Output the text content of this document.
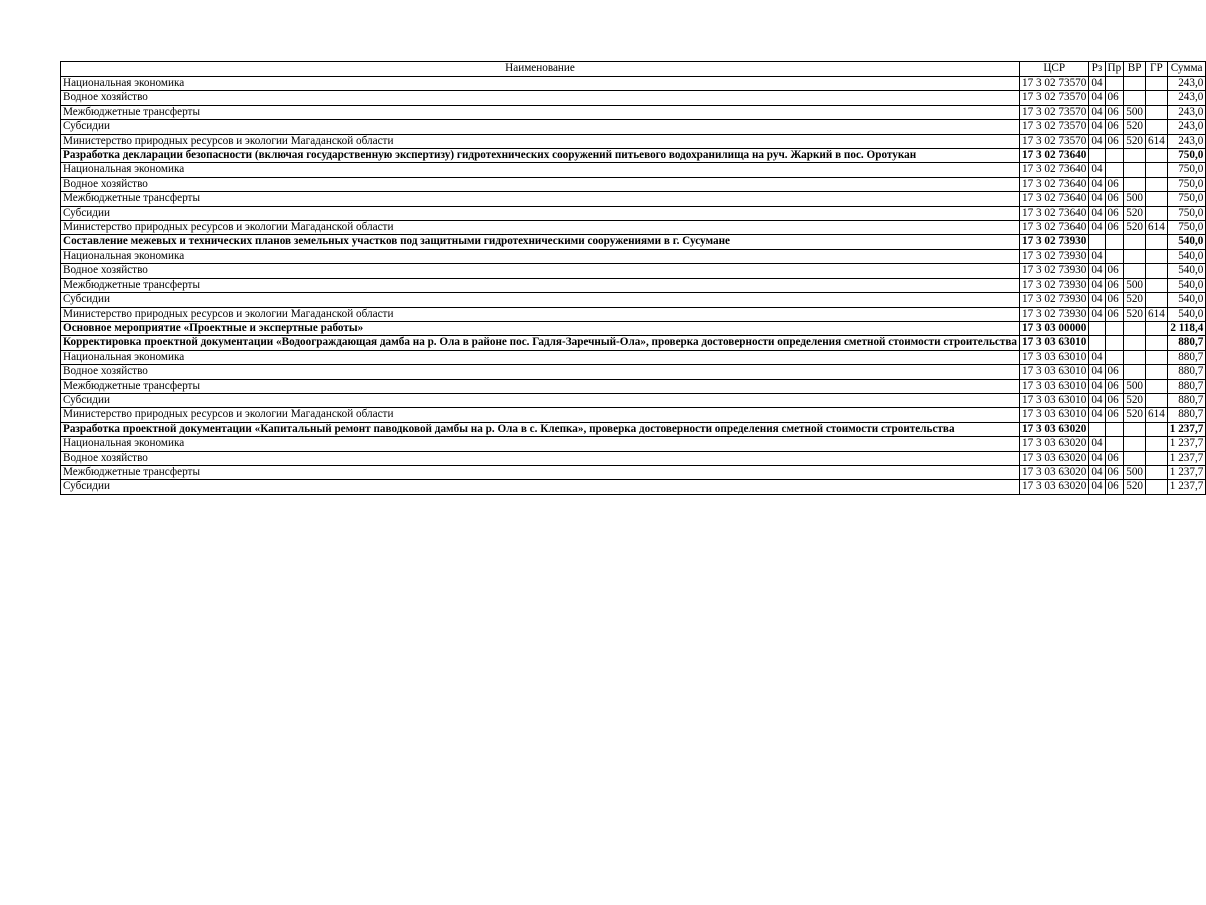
Наименование	ЦСР	Рз	Пр	ВР	ГР	Сумма
Национальная экономика	17 3 02 73570	04				243,0
Водное хозяйство	17 3 02 73570	04	06			243,0
Межбюджетные трансферты	17 3 02 73570	04	06	500		243,0
Субсидии	17 3 02 73570	04	06	520		243,0
Министерство природных ресурсов и экологии Магаданской области	17 3 02 73570	04	06	520	614	243,0
Разработка декларации безопасности (включая государственную экспертизу) гидротехнических сооружений питьевого водохранилища на руч. Жаркий в пос. Оротукан	17 3 02 73640					750,0
Национальная экономика	17 3 02 73640	04				750,0
Водное хозяйство	17 3 02 73640	04	06			750,0
Межбюджетные трансферты	17 3 02 73640	04	06	500		750,0
Субсидии	17 3 02 73640	04	06	520		750,0
Министерство природных ресурсов и экологии Магаданской области	17 3 02 73640	04	06	520	614	750,0
Составление межевых и технических планов земельных участков под защитными гидротехническими сооружениями в г. Сусумане	17 3 02 73930					540,0
Национальная экономика	17 3 02 73930	04				540,0
Водное хозяйство	17 3 02 73930	04	06			540,0
Межбюджетные трансферты	17 3 02 73930	04	06	500		540,0
Субсидии	17 3 02 73930	04	06	520		540,0
Министерство природных ресурсов и экологии Магаданской области	17 3 02 73930	04	06	520	614	540,0
Основное мероприятие «Проектные и экспертные работы»	17 3 03 00000					2 118,4
Корректировка проектной документации «Водоограждающая дамба на р. Ола в районе пос. Гадля-Заречный-Ола», проверка достоверности определения сметной стоимости строительства	17 3 03 63010					880,7
Национальная экономика	17 3 03 63010	04				880,7
Водное хозяйство	17 3 03 63010	04	06			880,7
Межбюджетные трансферты	17 3 03 63010	04	06	500		880,7
Субсидии	17 3 03 63010	04	06	520		880,7
Министерство природных ресурсов и экологии Магаданской области	17 3 03 63010	04	06	520	614	880,7
Разработка проектной документации «Капитальный ремонт паводковой дамбы на р. Ола в с. Клепка», проверка достоверности определения сметной стоимости строительства	17 3 03 63020					1 237,7
Национальная экономика	17 3 03 63020	04				1 237,7
Водное хозяйство	17 3 03 63020	04	06			1 237,7
Межбюджетные трансферты	17 3 03 63020	04	06	500		1 237,7
Субсидии	17 3 03 63020	04	06	520		1 237,7
